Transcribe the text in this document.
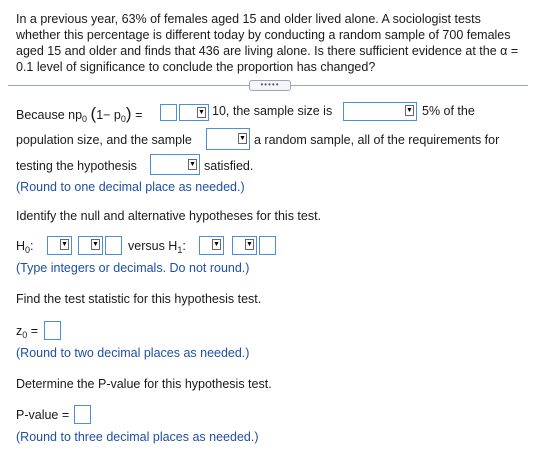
In a previous year, 63% of females aged 15 and older lived alone. A sociologist tests whether this percentage is different today by conducting a random sample of 700 females aged 15 and older and finds that 436 are living alone. Is there sufficient evidence at the α = 0.1 level of significance to conclude the proportion has changed?
•••••
Because $np_0$ $(1- p_0)$ =	▼ 10, the sample size is	▼ 5% of the
population size, and the sample	▼ a random sample, all of the requirements for
testing the hypothesis	▼ satisfied.
(Round to one decimal place as needed.)
Identify the null and alternative hypotheses for this test.
$H_0$:	▼	▼ versus $H_1$:	▼	▼
(Type integers or decimals. Do not round.)
Find the test statistic for this hypothesis test.
$z_0$ =
(Round to two decimal places as needed.)
Determine the P-value for this hypothesis test.
P-value =
(Round to three decimal places as needed.)
